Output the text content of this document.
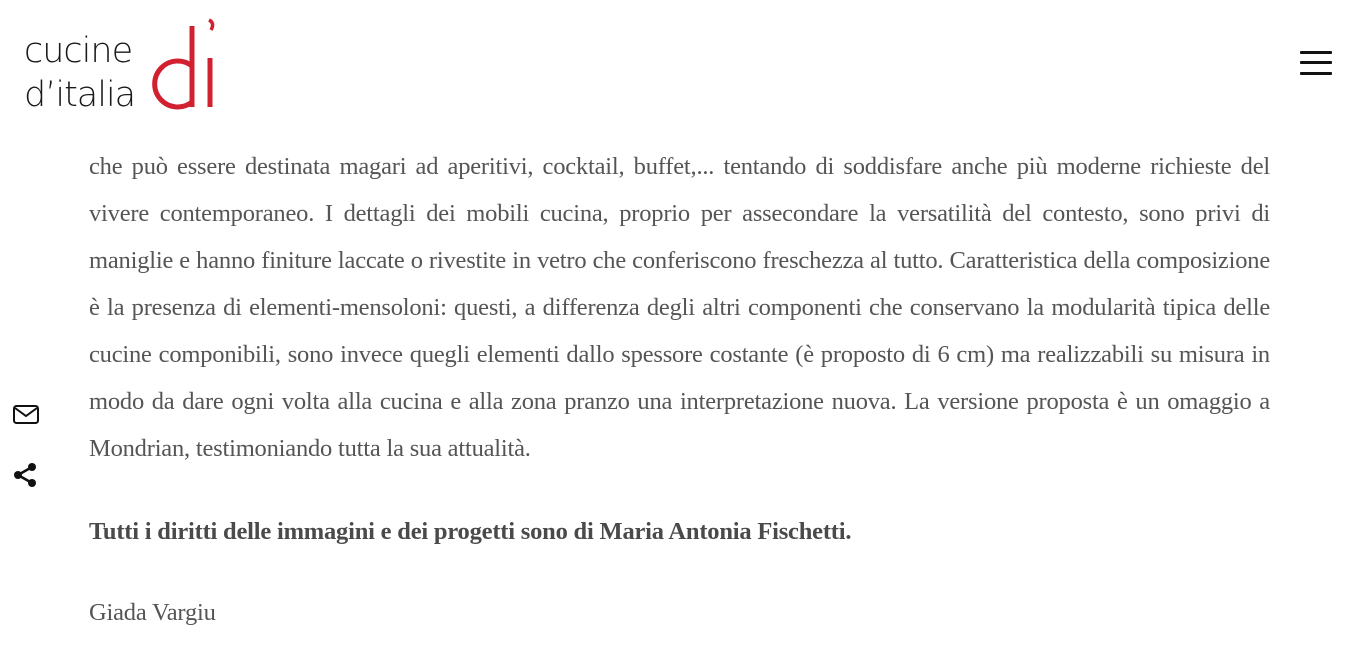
cucine
d’italia

che può essere destinata magari ad aperitivi, cocktail, buffet,... tentando di soddisfare anche più moderne richieste del vivere contemporaneo. I dettagli dei mobili cucina, proprio per assecondare la versatilità del contesto, sono privi di maniglie e hanno finiture laccate o rivestite in vetro che conferiscono freschezza al tutto. Caratteristica della composizione è la presenza di elementi-mensoloni: questi, a differenza degli altri componenti che conservano la modularità tipica delle cucine componibili, sono invece quegli elementi dallo spessore costante (è proposto di 6 cm) ma realizzabili su misura in modo da dare ogni volta alla cucina e alla zona pranzo una interpretazione nuova. La versione proposta è un omaggio a Mondrian, testimoniando tutta la sua attualità.

Tutti i diritti delle immagini e dei progetti sono di Maria Antonia Fischetti.

Giada Vargiu
